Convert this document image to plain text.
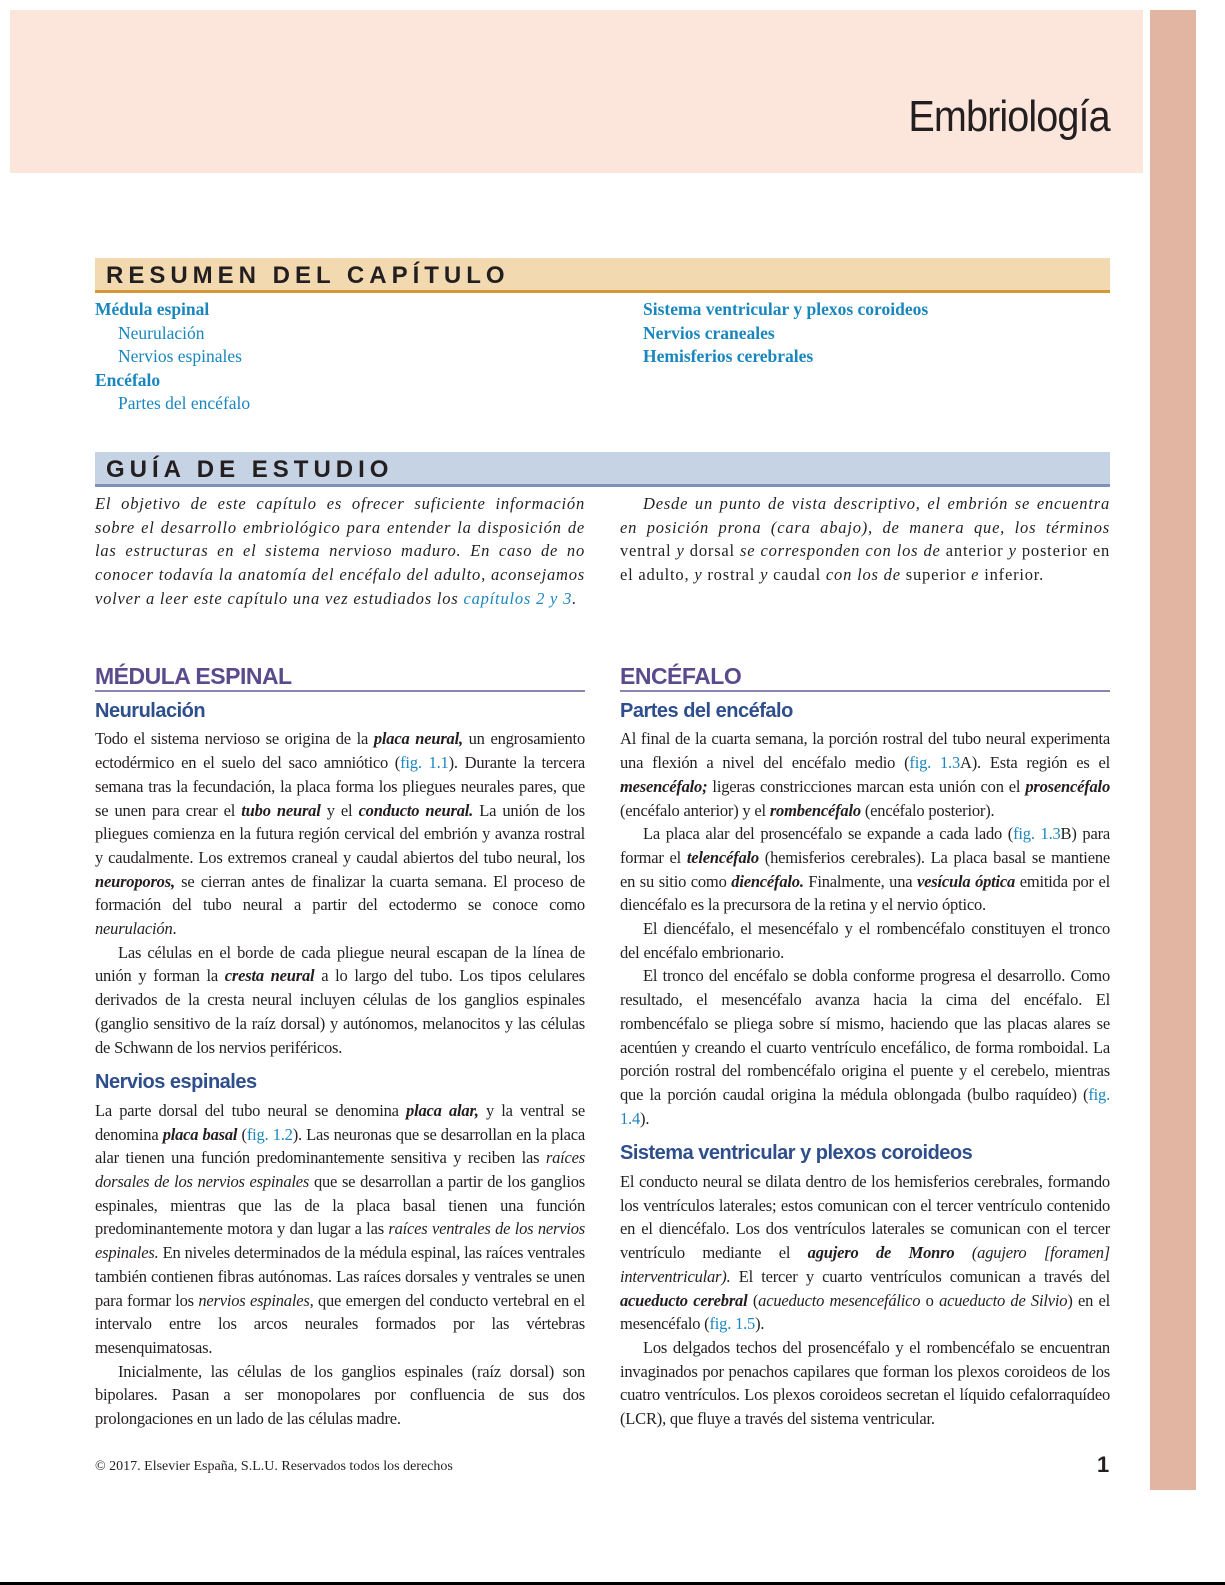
Embriología
RESUMEN DEL CAPÍTULO
Médula espinal
Neurulación
Nervios espinales
Encéfalo
Partes del encéfalo
Sistema ventricular y plexos coroideos
Nervios craneales
Hemisferios cerebrales
GUÍA DE ESTUDIO

El objetivo de este capítulo es ofrecer suficiente información sobre el desarrollo embriológico para entender la disposición de las estructuras en el sistema nervioso maduro. En caso de no conocer todavía la anatomía del encéfalo del adulto, aconsejamos volver a leer este capítulo una vez estudiados los capítulos 2 y 3.

Desde un punto de vista descriptivo, el embrión se encuentra en posición prona (cara abajo), de manera que, los términos ventral y dorsal se corresponden con los de anterior y posterior en el adulto, y rostral y caudal con los de superior e inferior.

MÉDULA ESPINAL
Neurulación

Todo el sistema nervioso se origina de la placa neural, un engrosamiento ectodérmico en el suelo del saco amniótico (fig. 1.1). Durante la tercera semana tras la fecundación, la placa forma los pliegues neurales pares, que se unen para crear el tubo neural y el conducto neural. La unión de los pliegues comienza en la futura región cervical del embrión y avanza rostral y caudalmente. Los extremos craneal y caudal abiertos del tubo neural, los neuroporos, se cierran antes de finalizar la cuarta semana. El proceso de formación del tubo neural a partir del ectodermo se conoce como neurulación.

Las células en el borde de cada pliegue neural escapan de la línea de unión y forman la cresta neural a lo largo del tubo. Los tipos celulares derivados de la cresta neural incluyen células de los ganglios espinales (ganglio sensitivo de la raíz dorsal) y autónomos, melanocitos y las células de Schwann de los nervios periféricos.

Nervios espinales

La parte dorsal del tubo neural se denomina placa alar, y la ventral se denomina placa basal (fig. 1.2). Las neuronas que se desarrollan en la placa alar tienen una función predominantemente sensitiva y reciben las raíces dorsales de los nervios espinales que se desarrollan a partir de los ganglios espinales, mientras que las de la placa basal tienen una función predominantemente motora y dan lugar a las raíces ventrales de los nervios espinales. En niveles determinados de la médula espinal, las raíces ventrales también contienen fibras autónomas. Las raíces dorsales y ventrales se unen para formar los nervios espinales, que emergen del conducto vertebral en el intervalo entre los arcos neurales formados por las vértebras mesenquimatosas.

Inicialmente, las células de los ganglios espinales (raíz dorsal) son bipolares. Pasan a ser monopolares por confluencia de sus dos prolongaciones en un lado de las células madre.

ENCÉFALO
Partes del encéfalo

Al final de la cuarta semana, la porción rostral del tubo neural experimenta una flexión a nivel del encéfalo medio (fig. 1.3A). Esta región es el mesencéfalo; ligeras constricciones marcan esta unión con el prosencéfalo (encéfalo anterior) y el rombencéfalo (encéfalo posterior).

La placa alar del prosencéfalo se expande a cada lado (fig. 1.3B) para formar el telencéfalo (hemisferios cerebrales). La placa basal se mantiene en su sitio como diencéfalo. Finalmente, una vesícula óptica emitida por el diencéfalo es la precursora de la retina y el nervio óptico.

El diencéfalo, el mesencéfalo y el rombencéfalo constituyen el tronco del encéfalo embrionario.

El tronco del encéfalo se dobla conforme progresa el desarrollo. Como resultado, el mesencéfalo avanza hacia la cima del encéfalo. El rombencéfalo se pliega sobre sí mismo, haciendo que las placas alares se acentúen y creando el cuarto ventrículo encefálico, de forma romboidal. La porción rostral del rombencéfalo origina el puente y el cerebelo, mientras que la porción caudal origina la médula oblongada (bulbo raquídeo) (fig. 1.4).

Sistema ventricular y plexos coroideos

El conducto neural se dilata dentro de los hemisferios cerebrales, formando los ventrículos laterales; estos comunican con el tercer ventrículo contenido en el diencéfalo. Los dos ventrículos laterales se comunican con el tercer ventrículo mediante el agujero de Monro (agujero [foramen] interventricular). El tercer y cuarto ventrículos comunican a través del acueducto cerebral (acueducto mesencefálico o acueducto de Silvio) en el mesencéfalo (fig. 1.5).

Los delgados techos del prosencéfalo y el rombencéfalo se encuentran invaginados por penachos capilares que forman los plexos coroideos de los cuatro ventrículos. Los plexos coroideos secretan el líquido cefalorraquídeo (LCR), que fluye a través del sistema ventricular.

© 2017. Elsevier España, S.L.U. Reservados todos los derechos	1
